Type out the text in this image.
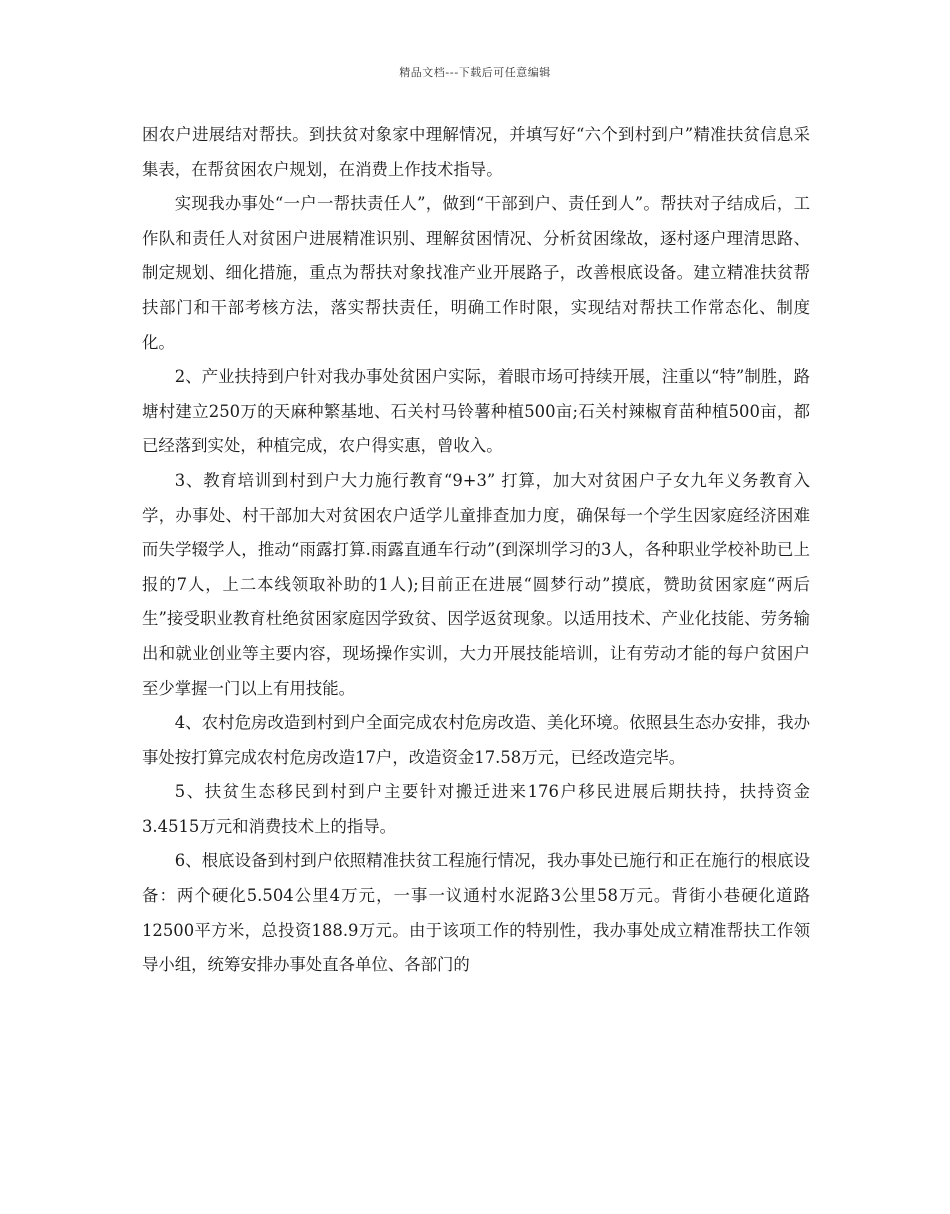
精品文档---下载后可任意编辑

困农户进展结对帮扶。到扶贫对象家中理解情况，并填写好“六个到村到户”精准扶贫信息采集表，在帮贫困农户规划，在消费上作技术指导。

实现我办事处“一户一帮扶责任人”，做到“干部到户、责任到人”。帮扶对子结成后，工作队和责任人对贫困户进展精准识别、理解贫困情况、分析贫困缘故，逐村逐户理清思路、制定规划、细化措施，重点为帮扶对象找准产业开展路子，改善根底设备。建立精准扶贫帮扶部门和干部考核方法，落实帮扶责任，明确工作时限，实现结对帮扶工作常态化、制度化。

2、产业扶持到户针对我办事处贫困户实际，着眼市场可持续开展，注重以“特”制胜，路塘村建立250万的天麻种繁基地、石关村马铃薯种植500亩;石关村辣椒育苗种植500亩，都已经落到实处，种植完成，农户得实惠，曾收入。

3、教育培训到村到户大力施行教育“9+3” 打算，加大对贫困户子女九年义务教育入学，办事处、村干部加大对贫困农户适学儿童排查加力度，确保每一个学生因家庭经济困难而失学辍学人，推动“雨露打算.雨露直通车行动”(到深圳学习的3人，各种职业学校补助已上报的7人，上二本线领取补助的1人);目前正在进展“圆梦行动”摸底，赞助贫困家庭“两后生”接受职业教育杜绝贫困家庭因学致贫、因学返贫现象。以适用技术、产业化技能、劳务输出和就业创业等主要内容，现场操作实训，大力开展技能培训，让有劳动才能的每户贫困户至少掌握一门以上有用技能。

4、农村危房改造到村到户全面完成农村危房改造、美化环境。依照县生态办安排，我办事处按打算完成农村危房改造17户，改造资金17.58万元，已经改造完毕。

5、扶贫生态移民到村到户主要针对搬迁进来176户移民进展后期扶持，扶持资金3.4515万元和消费技术上的指导。

6、根底设备到村到户依照精准扶贫工程施行情况，我办事处已施行和正在施行的根底设备：两个硬化5.504公里4万元，一事一议通村水泥路3公里58万元。背街小巷硬化道路12500平方米，总投资188.9万元。由于该项工作的特别性，我办事处成立精准帮扶工作领导小组，统筹安排办事处直各单位、各部门的
